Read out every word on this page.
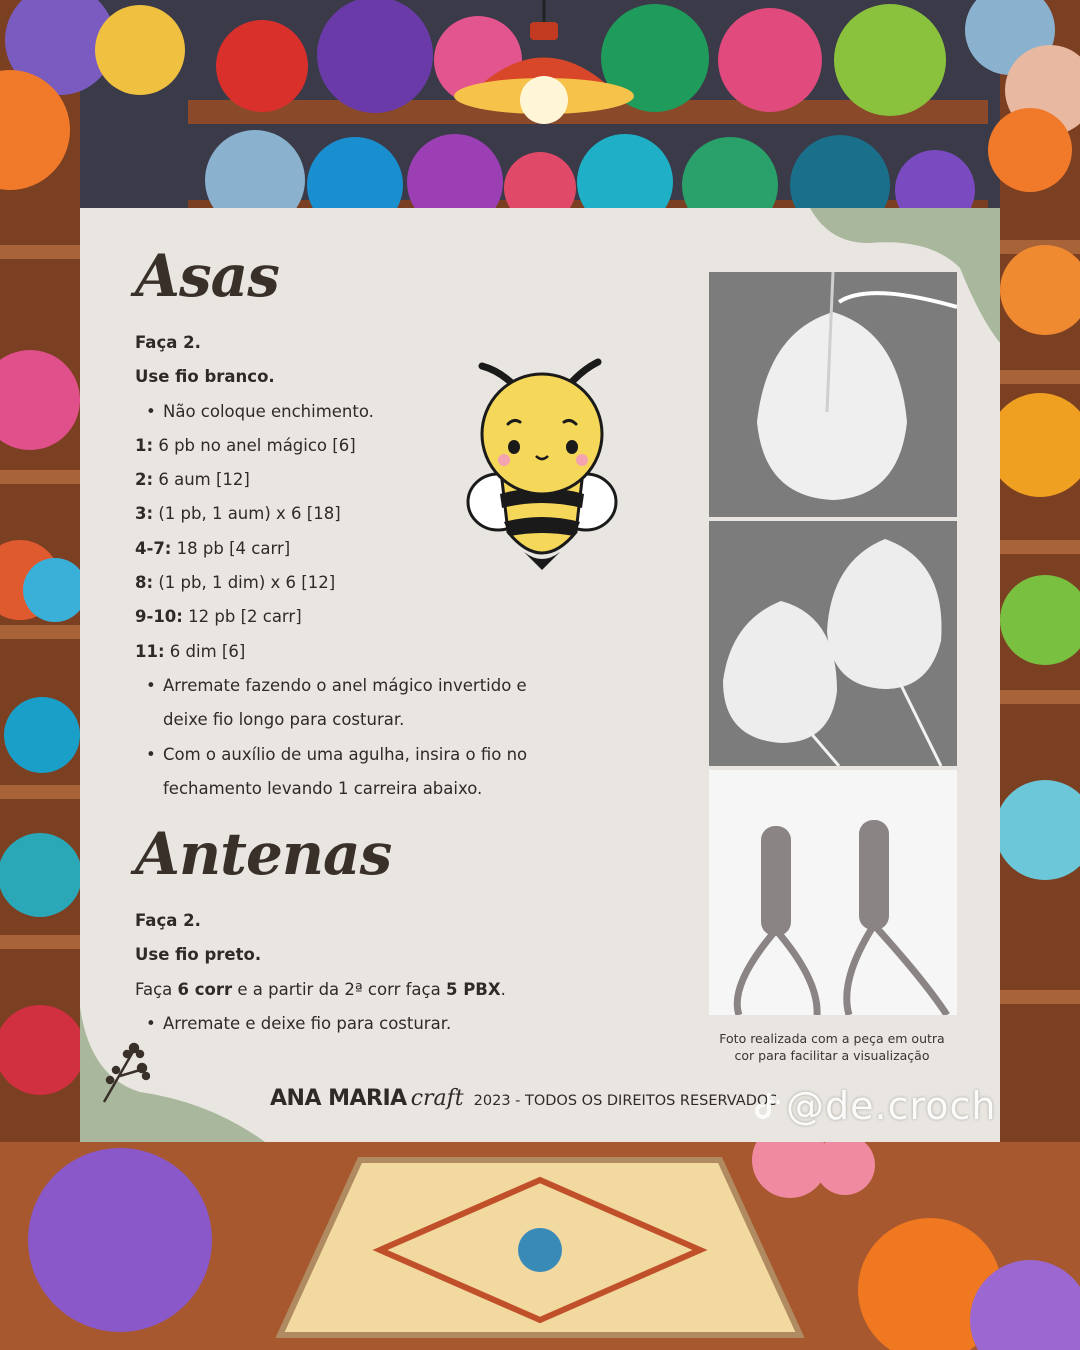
Asas
Faça 2.
Use fio branco.
• Não coloque enchimento.
1: 6 pb no anel mágico [6]
2: 6 aum [12]
3: (1 pb, 1 aum) x 6 [18]
4-7: 18 pb [4 carr]
8: (1 pb, 1 dim) x 6 [12]
9-10: 12 pb [2 carr]
11: 6 dim [6]
• Arremate fazendo o anel mágico invertido e
deixe fio longo para costurar.
• Com o auxílio de uma agulha, insira o fio no
fechamento levando 1 carreira abaixo.
Foto realizada com a peça em outra
cor para facilitar a visualização
Antenas
Faça 2.
Use fio preto.
Faça 6 corr e a partir da 2ª corr faça 5 PBX.
• Arremate e deixe fio para costurar.
ANA MARIA craft 2023 - TODOS OS DIREITOS RESERVADOS @de.croch
